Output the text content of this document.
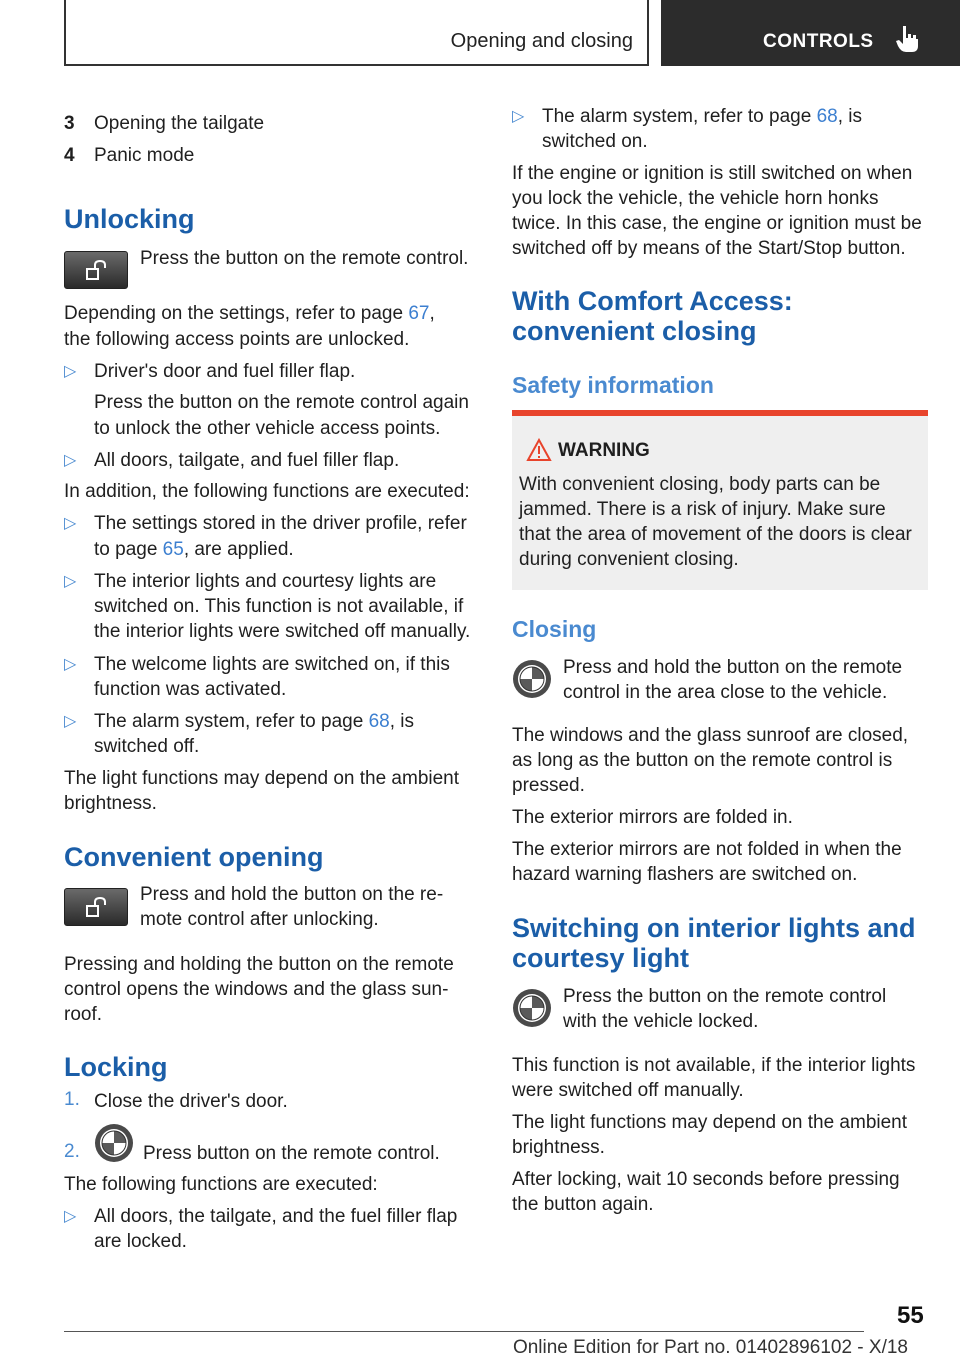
Opening and closing	CONTROLS
3 Opening the tailgate
4 Panic mode
Unlocking
Press the button on the remote control.
Depending on the settings, refer to page 67,
the following access points are unlocked.
▷ Driver's door and fuel filler flap.
Press the button on the remote control again
to unlock the other vehicle access points.
▷ All doors, tailgate, and fuel filler flap.
In addition, the following functions are executed:
▷ The settings stored in the driver profile, refer
to page 65, are applied.
▷ The interior lights and courtesy lights are
switched on. This function is not available, if
the interior lights were switched off manually.
▷ The welcome lights are switched on, if this
function was activated.
▷ The alarm system, refer to page 68, is
switched off.
The light functions may depend on the ambient
brightness.
Convenient opening
Press and hold the button on the re‐
mote control after unlocking.
Pressing and holding the button on the remote
control opens the windows and the glass sun‐
roof.
Locking
1. Close the driver's door.
2.	Press button on the remote control.
The following functions are executed:
▷ All doors, the tailgate, and the fuel filler flap
are locked.
▷ The alarm system, refer to page 68, is
switched on.
If the engine or ignition is still switched on when
you lock the vehicle, the vehicle horn honks
twice. In this case, the engine or ignition must be
switched off by means of the Start/Stop button.
With Comfort Access:
convenient closing
Safety information
WARNING
With convenient closing, body parts can be
jammed. There is a risk of injury. Make sure
that the area of movement of the doors is clear
during convenient closing.
Closing
Press and hold the button on the remote
control in the area close to the vehicle.
The windows and the glass sunroof are closed,
as long as the button on the remote control is
pressed.
The exterior mirrors are folded in.
The exterior mirrors are not folded in when the
hazard warning flashers are switched on.
Switching on interior lights and
courtesy light
Press the button on the remote control
with the vehicle locked.
This function is not available, if the interior lights
were switched off manually.
The light functions may depend on the ambient
brightness.
After locking, wait 10 seconds before pressing
the button again.
55
Online Edition for Part no. 01402896102 - X/18
